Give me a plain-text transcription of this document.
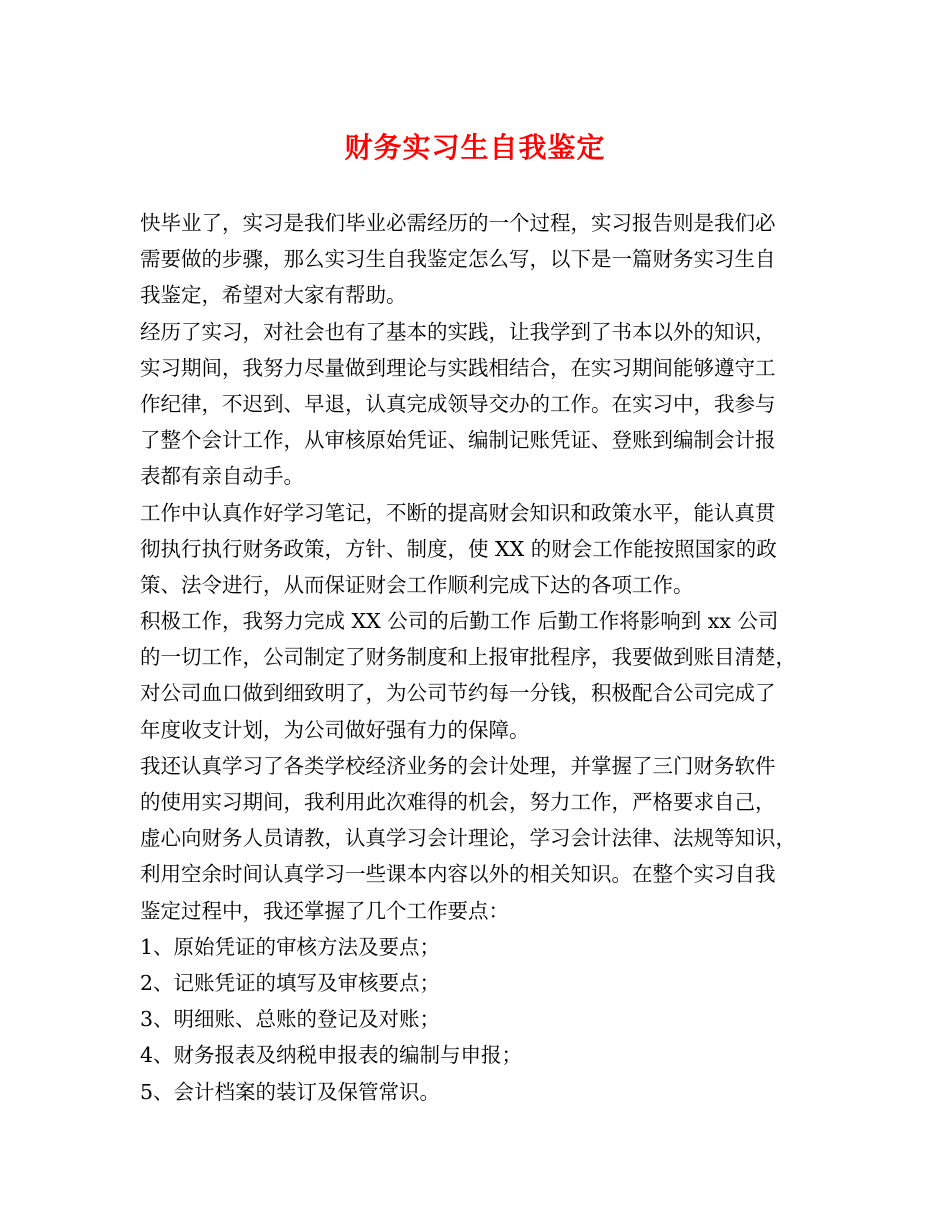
财务实习生自我鉴定
快毕业了，实习是我们毕业必需经历的一个过程，实习报告则是我们必
需要做的步骤，那么实习生自我鉴定怎么写，以下是一篇财务实习生自
我鉴定，希望对大家有帮助。
经历了实习，对社会也有了基本的实践，让我学到了书本以外的知识，
实习期间，我努力尽量做到理论与实践相结合，在实习期间能够遵守工
作纪律，不迟到、早退，认真完成领导交办的工作。在实习中，我参与
了整个会计工作，从审核原始凭证、编制记账凭证、登账到编制会计报
表都有亲自动手。
工作中认真作好学习笔记，不断的提高财会知识和政策水平，能认真贯
彻执行执行财务政策，方针、制度，使 XX 的财会工作能按照国家的政
策、法令进行，从而保证财会工作顺利完成下达的各项工作。
积极工作，我努力完成 XX 公司的后勤工作 后勤工作将影响到 xx 公司
的一切工作，公司制定了财务制度和上报审批程序，我要做到账目清楚，
对公司血口做到细致明了，为公司节约每一分钱，积极配合公司完成了
年度收支计划，为公司做好强有力的保障。
我还认真学习了各类学校经济业务的会计处理，并掌握了三门财务软件
的使用实习期间，我利用此次难得的机会，努力工作，严格要求自己，
虚心向财务人员请教，认真学习会计理论，学习会计法律、法规等知识，
利用空余时间认真学习一些课本内容以外的相关知识。在整个实习自我
鉴定过程中，我还掌握了几个工作要点：
1、原始凭证的审核方法及要点；
2、记账凭证的填写及审核要点；
3、明细账、总账的登记及对账；
4、财务报表及纳税申报表的编制与申报；
5、会计档案的装订及保管常识。
